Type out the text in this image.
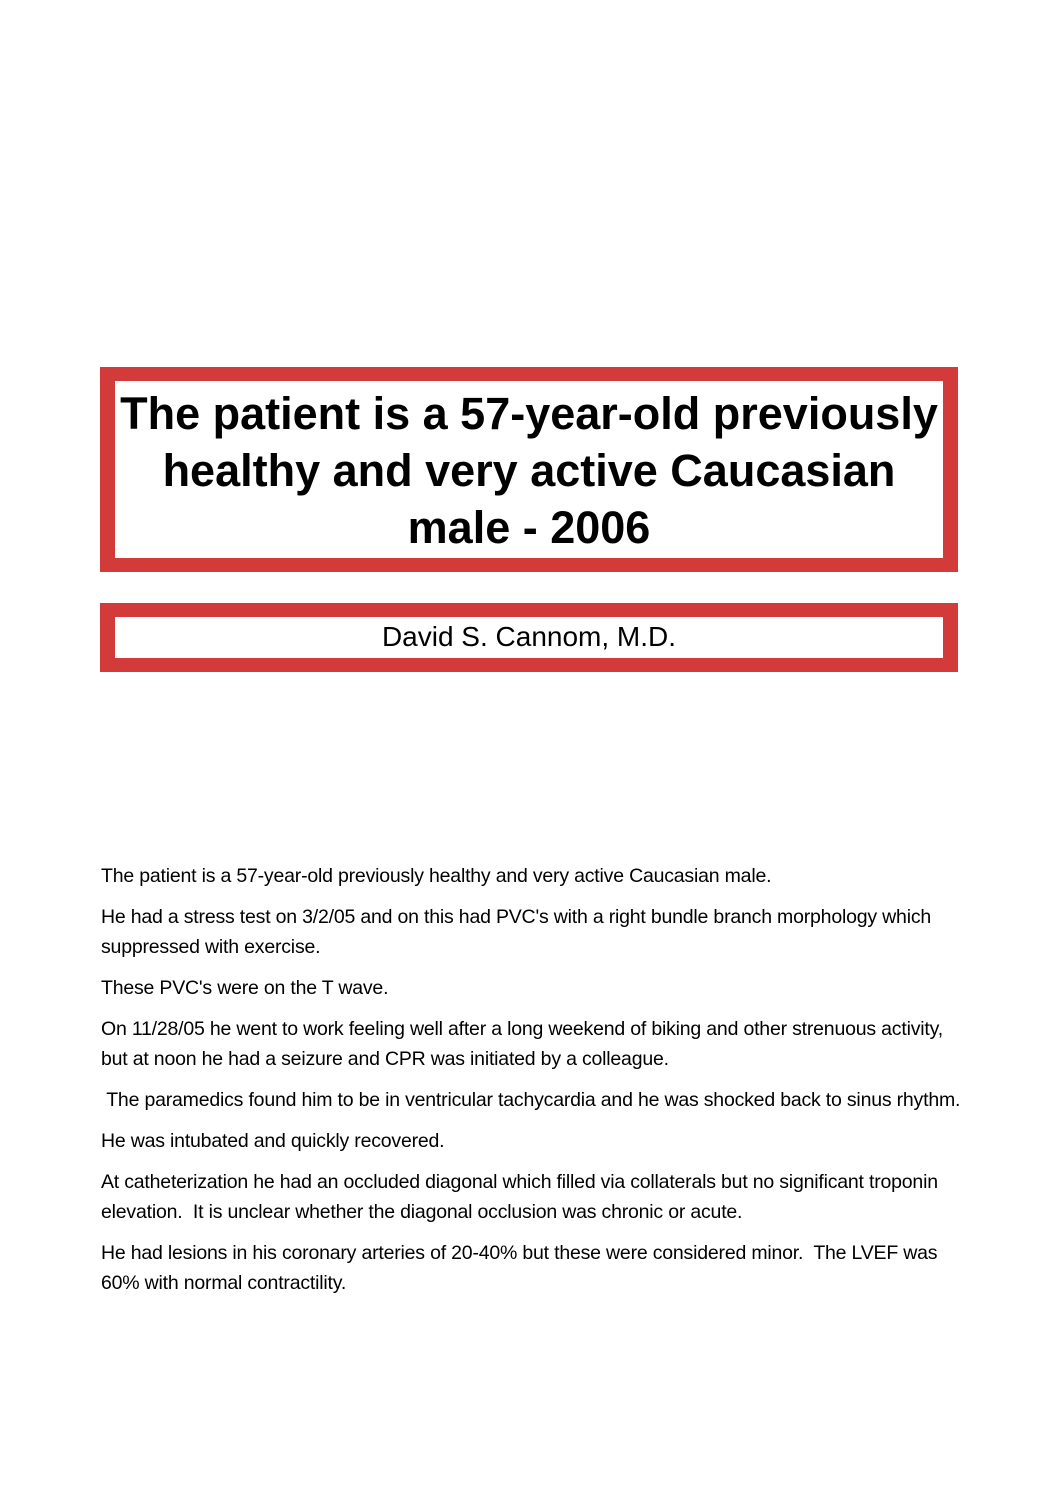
The patient is a 57-year-old previously healthy and very active Caucasian male - 2006

David S. Cannom, M.D.

The patient is a 57-year-old previously healthy and very active Caucasian male.

He had a stress test on 3/2/05 and on this had PVC's with a right bundle branch morphology which suppressed with exercise.

These PVC's were on the T wave.

On 11/28/05 he went to work feeling well after a long weekend of biking and other strenuous activity, but at noon he had a seizure and CPR was initiated by a colleague.

The paramedics found him to be in ventricular tachycardia and he was shocked back to sinus rhythm.

He was intubated and quickly recovered.

At catheterization he had an occluded diagonal which filled via collaterals but no significant troponin elevation.  It is unclear whether the diagonal occlusion was chronic or acute.

He had lesions in his coronary arteries of 20-40% but these were considered minor.  The LVEF was 60% with normal contractility.
